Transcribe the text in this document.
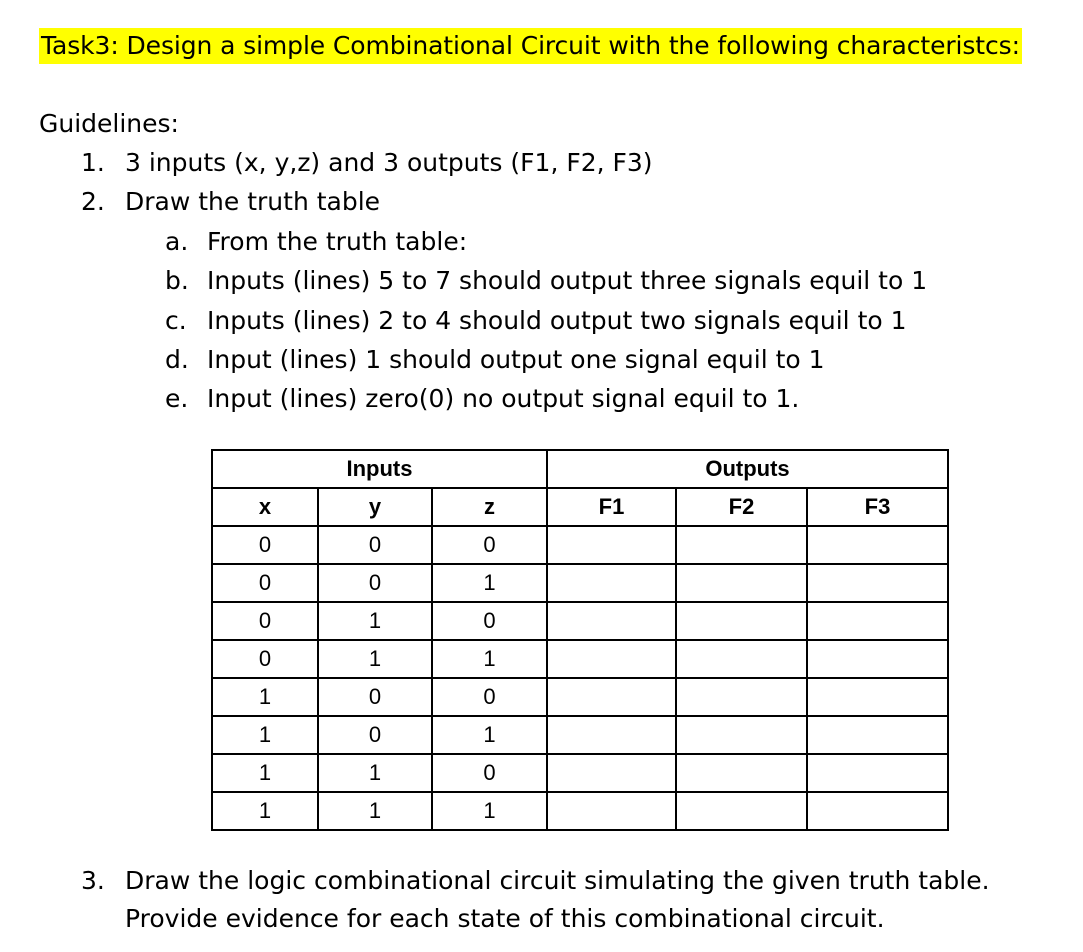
Task3: Design a simple Combinational Circuit with the following characteristcs:
Guidelines:
1. 3 inputs (x, y,z) and 3 outputs (F1, F2, F3)
2. Draw the truth table
a. From the truth table:
b. Inputs (lines) 5 to 7 should output three signals equil to 1
c. Inputs (lines) 2 to 4 should output two signals equil to 1
d. Input (lines) 1 should output one signal equil to 1
e. Input (lines) zero(0) no output signal equil to 1.
Inputs			Outputs		
x	y	z	F1	F2	F3
0	0	0			
0	0	1			
0	1	0			
0	1	1			
1	0	0			
1	0	1			
1	1	0			
1	1	1			
3. Draw the logic combinational circuit simulating the given truth table.
Provide evidence for each state of this combinational circuit.
